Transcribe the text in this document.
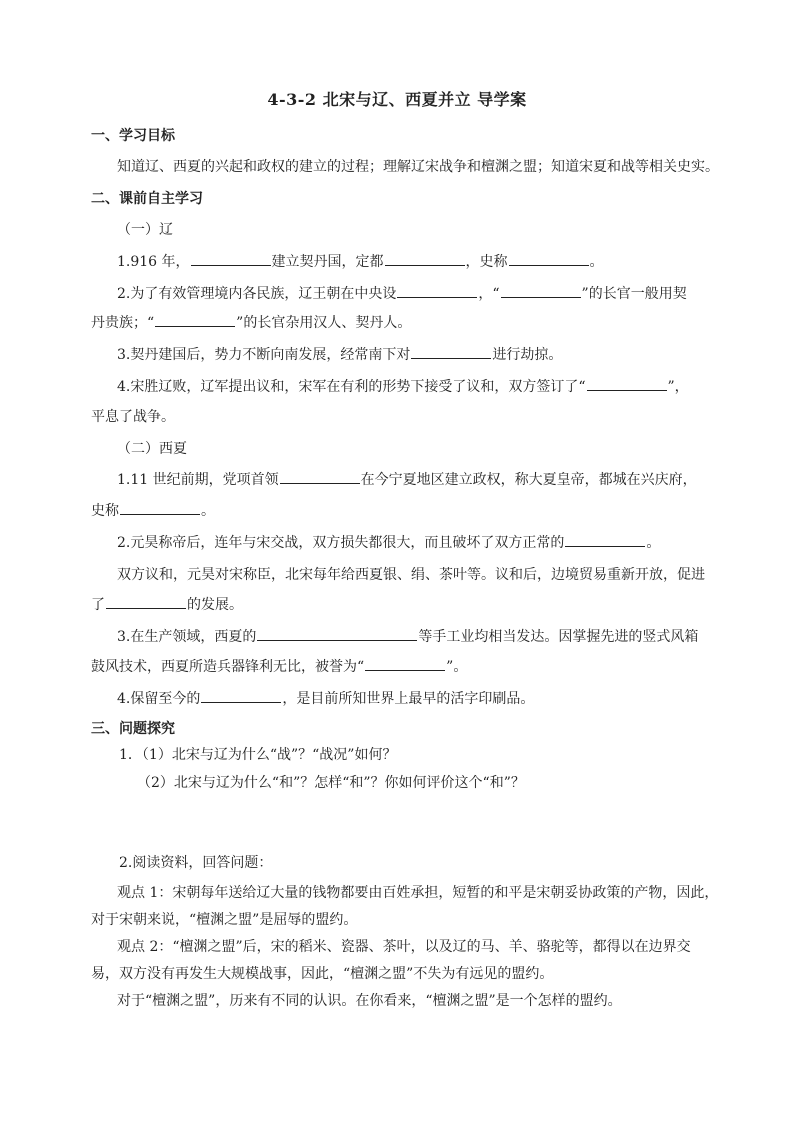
4-3-2 北宋与辽、西夏并立 导学案
一、学习目标
知道辽、西夏的兴起和政权的建立的过程；理解辽宋战争和檀渊之盟；知道宋夏和战等相关史实。
二、课前自主学习
（一）辽
1.916 年，	建立契丹国，定都	，史称	。
2.为了有效管理境内各民族，辽王朝在中央设	，“	”的长官一般用契
丹贵族；“	”的长官杂用汉人、契丹人。
3.契丹建国后，势力不断向南发展，经常南下对	进行劫掠。
4.宋胜辽败，辽军提出议和，宋军在有利的形势下接受了议和，双方签订了“	”，
平息了战争。
（二）西夏
1.11 世纪前期，党项首领	在今宁夏地区建立政权，称大夏皇帝，都城在兴庆府，
史称	。
2.元昊称帝后，连年与宋交战，双方损失都很大，而且破坏了双方正常的	。
双方议和，元昊对宋称臣，北宋每年给西夏银、绢、茶叶等。议和后，边境贸易重新开放，促进
了	的发展。
3.在生产领域，西夏的	等手工业均相当发达。因掌握先进的竖式风箱
鼓风技术，西夏所造兵器锋利无比，被誉为“	”。
4.保留至今的	，是目前所知世界上最早的活字印刷品。
三、问题探究
1．（1）北宋与辽为什么“战”？“战况”如何？
（2）北宋与辽为什么“和”？怎样“和”？你如何评价这个“和”？
2.阅读资料，回答问题：
观点 1：宋朝每年送给辽大量的钱物都要由百姓承担，短暂的和平是宋朝妥协政策的产物，因此，
对于宋朝来说，“檀渊之盟”是屈辱的盟约。
观点 2：“檀渊之盟”后，宋的稻米、瓷器、茶叶，以及辽的马、羊、骆驼等，都得以在边界交
易，双方没有再发生大规模战事，因此，“檀渊之盟”不失为有远见的盟约。
对于“檀渊之盟”，历来有不同的认识。在你看来，“檀渊之盟”是一个怎样的盟约。
